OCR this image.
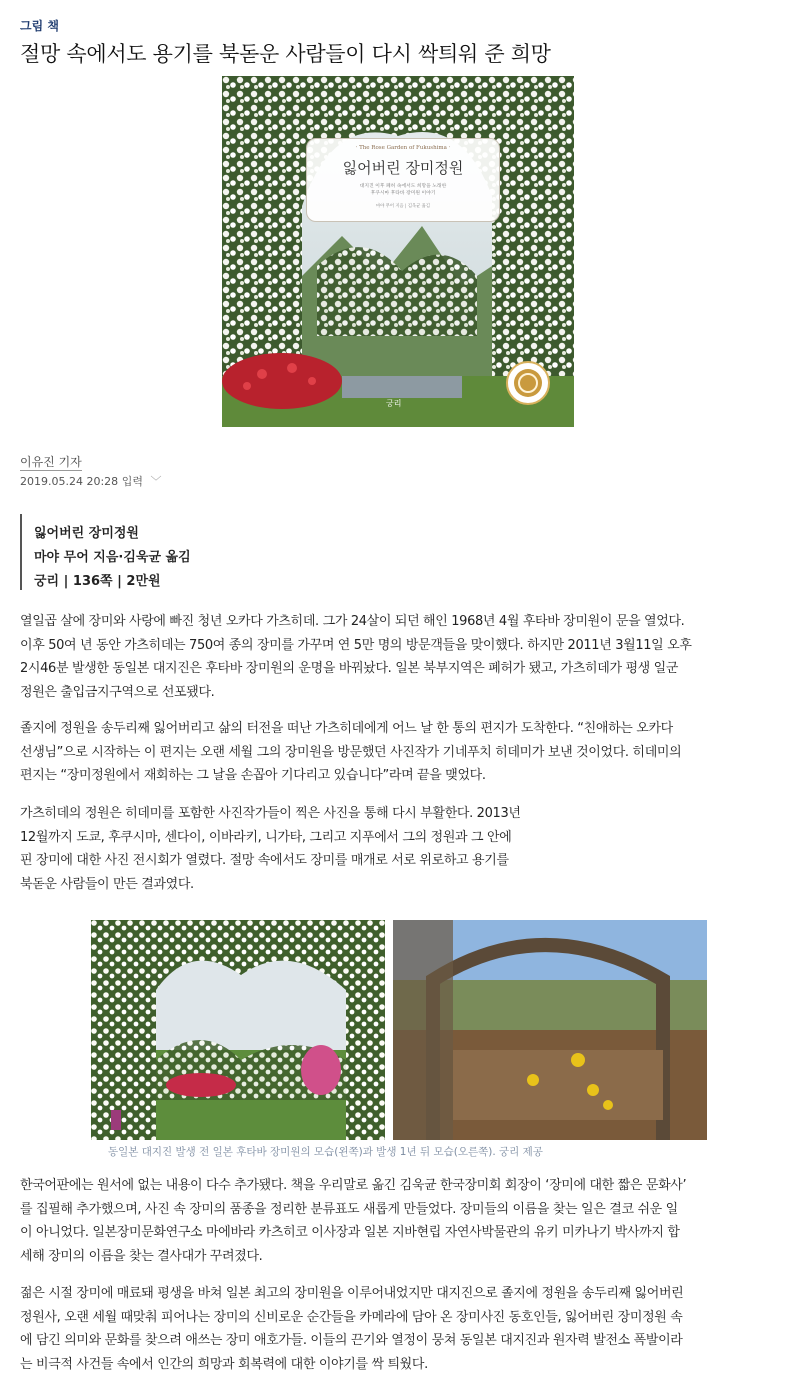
그림 책
절망 속에서도 용기를 북돋운 사람들이 다시 싹틔워 준 희망
· The Rose Garden of Fukushima ·
잃어버린 장미정원
대지진 이후 폐허 속에서도 희망을 노래한
후쿠시마 후타바 장미원 이야기
마야 무어 지음 | 김욱균 옮김
궁리
이유진 기자
2019.05.24 20:28 입력 ﹀
잃어버린 장미정원
마야 무어 지음·김욱균 옮김
궁리 | 136쪽 | 2만원
열일곱 살에 장미와 사랑에 빠진 청년 오카다 가츠히데. 그가 24살이 되던 해인 1968년 4월 후타바 장미원이 문을 열었다.
이후 50여 년 동안 가츠히데는 750여 종의 장미를 가꾸며 연 5만 명의 방문객들을 맞이했다. 하지만 2011년 3월11일 오후
2시46분 발생한 동일본 대지진은 후타바 장미원의 운명을 바꿔놨다. 일본 북부지역은 폐허가 됐고, 가츠히데가 평생 일군
정원은 출입금지구역으로 선포됐다.
졸지에 정원을 송두리째 잃어버리고 삶의 터전을 떠난 가츠히데에게 어느 날 한 통의 편지가 도착한다. “친애하는 오카다
선생님”으로 시작하는 이 편지는 오랜 세월 그의 장미원을 방문했던 사진작가 기네푸치 히데미가 보낸 것이었다. 히데미의
편지는 “장미정원에서 재회하는 그 날을 손꼽아 기다리고 있습니다”라며 끝을 맺었다.
가츠히데의 정원은 히데미를 포함한 사진작가들이 찍은 사진을 통해 다시 부활한다. 2013년
12월까지 도쿄, 후쿠시마, 센다이, 이바라키, 니가타, 그리고 지푸에서 그의 정원과 그 안에
핀 장미에 대한 사진 전시회가 열렸다. 절망 속에서도 장미를 매개로 서로 위로하고 용기를
북돋운 사람들이 만든 결과였다.
동일본 대지진 발생 전 일본 후타바 장미원의 모습(왼쪽)과 발생 1년 뒤 모습(오른쪽). 궁리 제공
한국어판에는 원서에 없는 내용이 다수 추가됐다. 책을 우리말로 옮긴 김욱균 한국장미회 회장이 ‘장미에 대한 짧은 문화사’
를 집필해 추가했으며, 사진 속 장미의 품종을 정리한 분류표도 새롭게 만들었다. 장미들의 이름을 찾는 일은 결코 쉬운 일
이 아니었다. 일본장미문화연구소 마에바라 카츠히코 이사장과 일본 지바현립 자연사박물관의 유키 미카나기 박사까지 합
세해 장미의 이름을 찾는 결사대가 꾸려졌다.
젊은 시절 장미에 매료돼 평생을 바쳐 일본 최고의 장미원을 이루어내었지만 대지진으로 졸지에 정원을 송두리째 잃어버린
정원사, 오랜 세월 때맞춰 피어나는 장미의 신비로운 순간들을 카메라에 담아 온 장미사진 동호인들, 잃어버린 장미정원 속
에 담긴 의미와 문화를 찾으려 애쓰는 장미 애호가들. 이들의 끈기와 열정이 뭉쳐 동일본 대지진과 원자력 발전소 폭발이라
는 비극적 사건들 속에서 인간의 희망과 회복력에 대한 이야기를 싹 틔웠다.
